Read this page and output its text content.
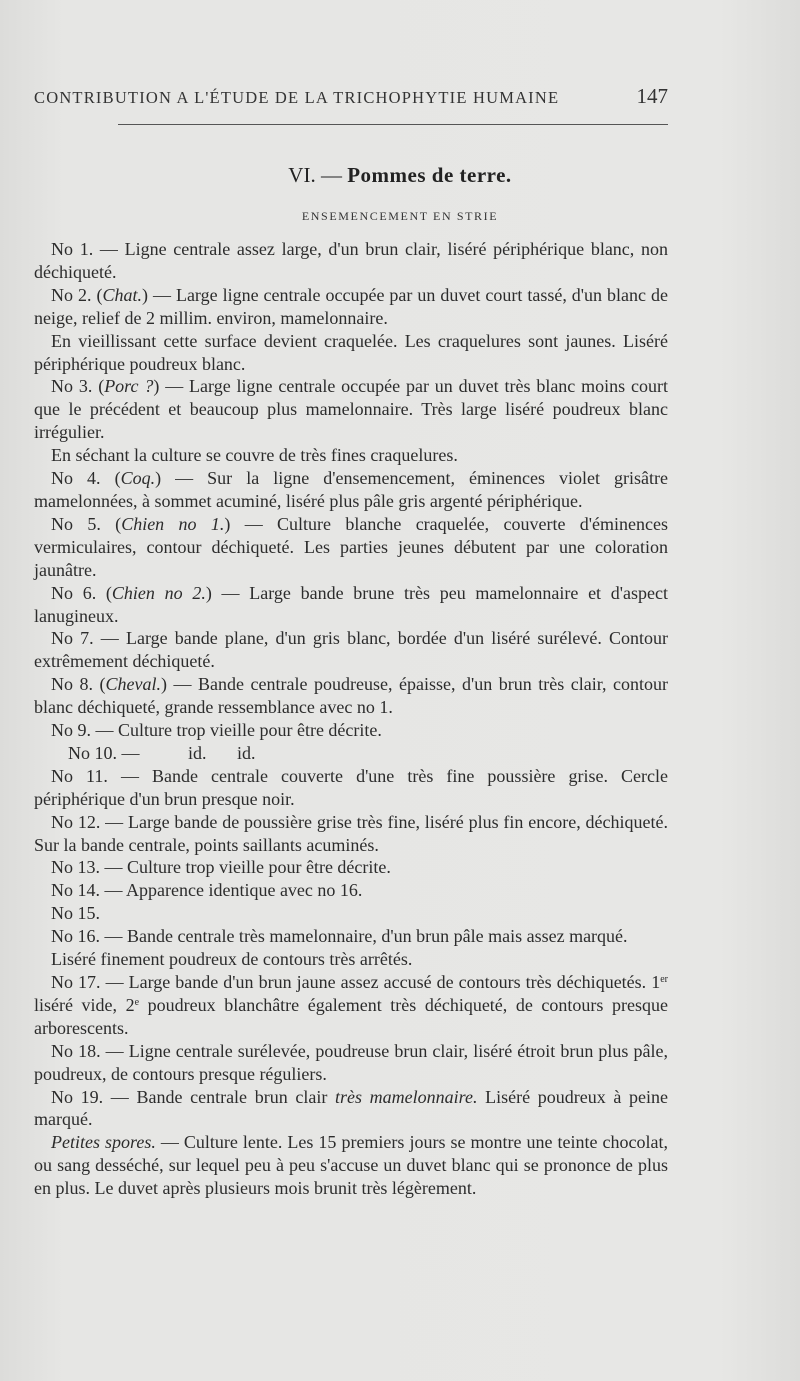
CONTRIBUTION A L'ÉTUDE DE LA TRICHOPHYTIE HUMAINE	147
VI. — Pommes de terre.
ENSEMENCEMENT EN STRIE

No 1. — Ligne centrale assez large, d'un brun clair, liséré périphérique blanc, non déchiqueté.

No 2. (Chat.) — Large ligne centrale occupée par un duvet court tassé, d'un blanc de neige, relief de 2 millim. environ, mamelonnaire.

En vieillissant cette surface devient craquelée. Les craquelures sont jaunes. Liséré périphérique poudreux blanc.

No 3. (Porc ?) — Large ligne centrale occupée par un duvet très blanc moins court que le précédent et beaucoup plus mamelonnaire. Très large liséré poudreux blanc irrégulier.

En séchant la culture se couvre de très fines craquelures.

No 4. (Coq.) — Sur la ligne d'ensemencement, éminences violet grisâtre mamelonnées, à sommet acuminé, liséré plus pâle gris argenté périphérique.

No 5. (Chien no 1.) — Culture blanche craquelée, couverte d'éminences vermiculaires, contour déchiqueté. Les parties jeunes débutent par une coloration jaunâtre.

No 6. (Chien no 2.) — Large bande brune très peu mamelonnaire et d'aspect lanugineux.

No 7. — Large bande plane, d'un gris blanc, bordée d'un liséré surélevé. Contour extrêmement déchiqueté.

No 8. (Cheval.) — Bande centrale poudreuse, épaisse, d'un brun très clair, contour blanc déchiqueté, grande ressemblance avec no 1.

No 9. — Culture trop vieille pour être décrite.

No 10. —	id. id.

No 11. — Bande centrale couverte d'une très fine poussière grise. Cercle périphérique d'un brun presque noir.

No 12. — Large bande de poussière grise très fine, liséré plus fin encore, déchiqueté. Sur la bande centrale, points saillants acuminés.

No 13. — Culture trop vieille pour être décrite.

No 14. — Apparence identique avec no 16.

No 15.

No 16. — Bande centrale très mamelonnaire, d'un brun pâle mais assez marqué.

Liséré finement poudreux de contours très arrêtés.

No 17. — Large bande d'un brun jaune assez accusé de contours très déchiquetés. 1er liséré vide, 2e poudreux blanchâtre également très déchiqueté, de contours presque arborescents.

No 18. — Ligne centrale surélevée, poudreuse brun clair, liséré étroit brun plus pâle, poudreux, de contours presque réguliers.

No 19. — Bande centrale brun clair très mamelonnaire. Liséré poudreux à peine marqué.

Petites spores. — Culture lente. Les 15 premiers jours se montre une teinte chocolat, ou sang desséché, sur lequel peu à peu s'accuse un duvet blanc qui se prononce de plus en plus. Le duvet après plusieurs mois brunit très légèrement.
